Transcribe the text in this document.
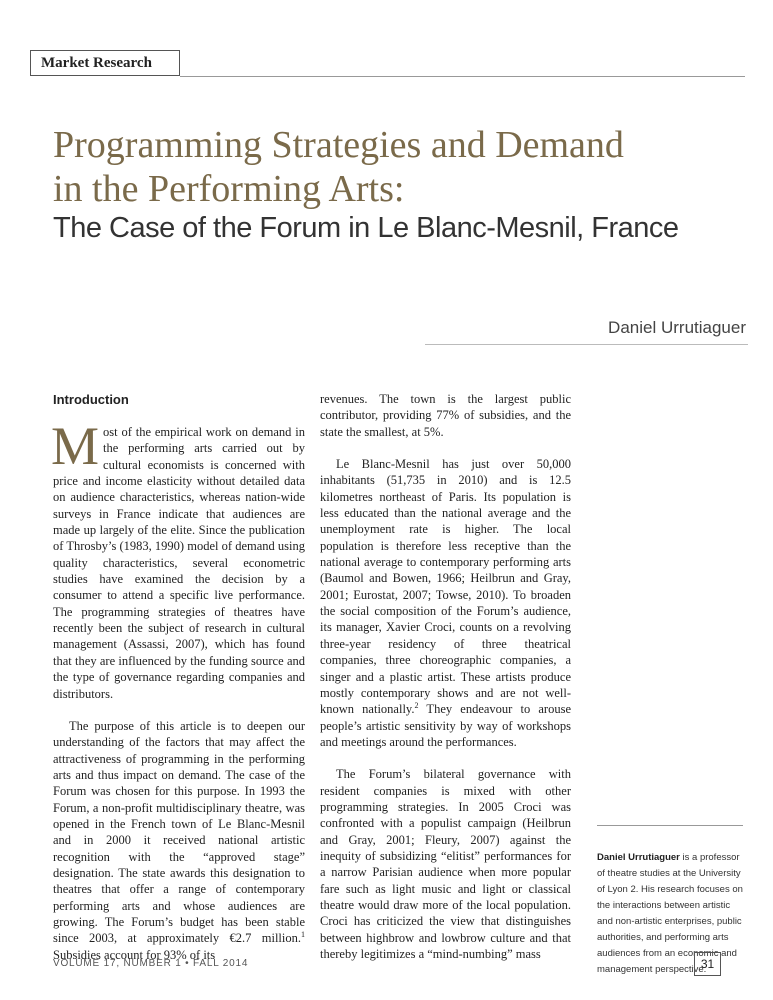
Market Research
Programming Strategies and Demand
in the Performing Arts:
The Case of the Forum in Le Blanc-Mesnil, France
Daniel Urrutiaguer
Introduction

Most of the empirical work on demand in the performing arts carried out by cultural economists is concerned with price and income elasticity without detailed data on audience characteristics, whereas nation-wide surveys in France indicate that audiences are made up largely of the elite. Since the publication of Throsby’s (1983, 1990) model of demand using quality characteristics, several econometric studies have examined the decision by a consumer to attend a specific live performance. The programming strategies of theatres have recently been the subject of research in cultural management (Assassi, 2007), which has found that they are influenced by the funding source and the type of governance regarding companies and distributors.

The purpose of this article is to deepen our understanding of the factors that may affect the attractiveness of programming in the performing arts and thus impact on demand. The case of the Forum was chosen for this purpose. In 1993 the Forum, a non-profit multidisciplinary theatre, was opened in the French town of Le Blanc-Mesnil and in 2000 it received national artistic recognition with the “approved stage” designation. The state awards this designation to theatres that offer a range of contemporary performing arts and whose audiences are growing. The Forum’s budget has been stable since 2003, at approximately €2.7 million.$^1$ Subsidies account for 93% of its

revenues. The town is the largest public contributor, providing 77% of subsidies, and the state the smallest, at 5%.

Le Blanc-Mesnil has just over 50,000 inhabitants (51,735 in 2010) and is 12.5 kilometres northeast of Paris. Its population is less educated than the national average and the unemployment rate is higher. The local population is therefore less receptive than the national average to contemporary performing arts (Baumol and Bowen, 1966; Heilbrun and Gray, 2001; Eurostat, 2007; Towse, 2010). To broaden the social composition of the Forum’s audience, its manager, Xavier Croci, counts on a revolving three-year residency of three theatrical companies, three choreographic companies, a singer and a plastic artist. These artists produce mostly contemporary shows and are not well-known nationally.$^2$ They endeavour to arouse people’s artistic sensitivity by way of workshops and meetings around the performances.

The Forum’s bilateral governance with resident companies is mixed with other programming strategies. In 2005 Croci was confronted with a populist campaign (Heilbrun and Gray, 2001; Fleury, 2007) against the inequity of subsidizing “elitist” performances for a narrow Parisian audience when more popular fare such as light music and light or classical theatre would draw more of the local population. Croci has criticized the view that distinguishes between highbrow and lowbrow culture and that thereby legitimizes a “mind-numbing” mass

Daniel Urrutiaguer is a professor of theatre studies at the University of Lyon 2. His research focuses on the interactions between artistic and non-artistic enterprises, public authorities, and performing arts audiences from an economic and management perspective.
VOLUME 17, NUMBER 1 • FALL 2014	31
